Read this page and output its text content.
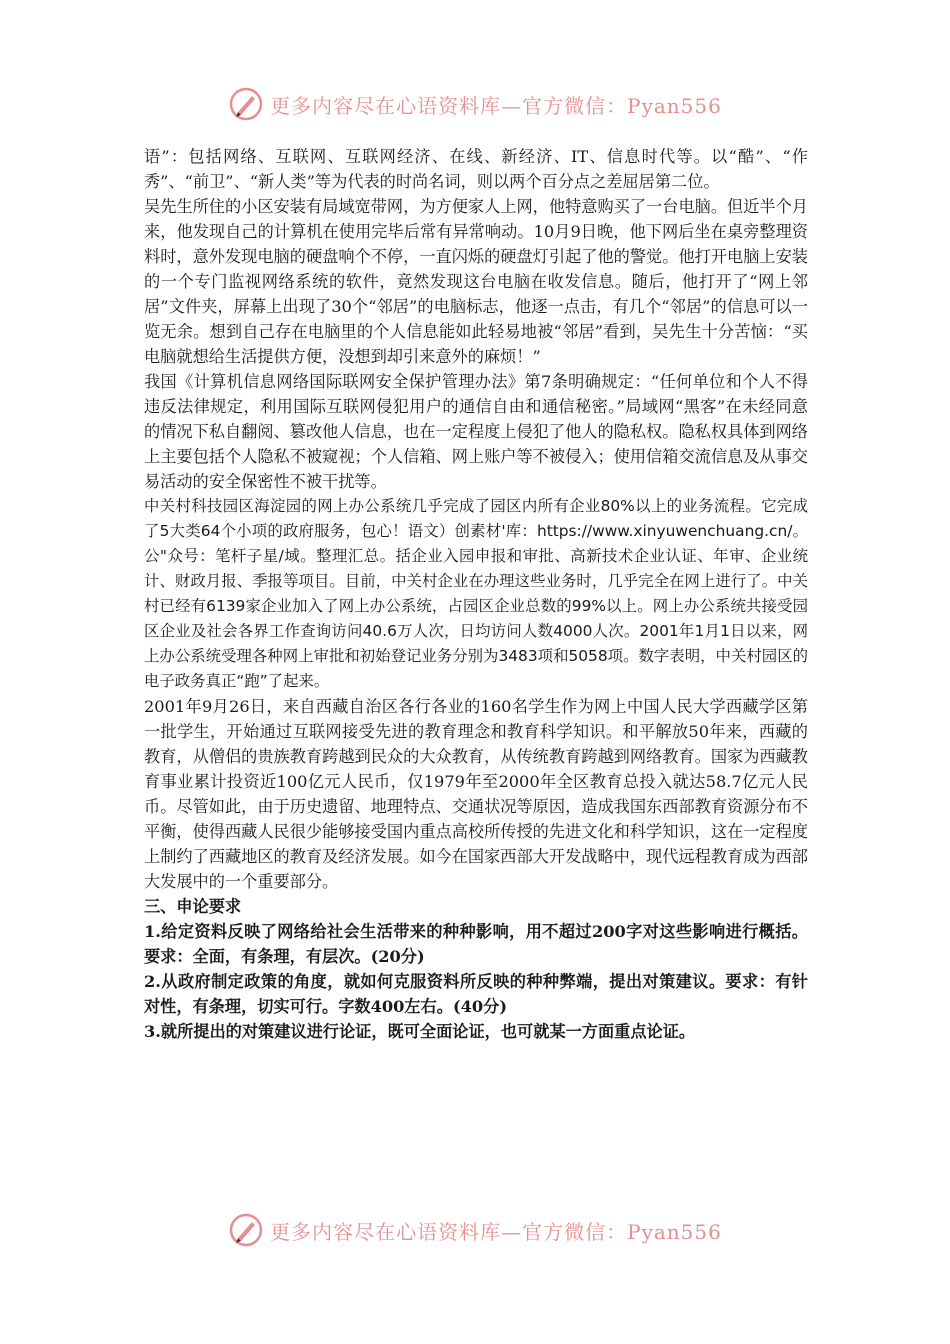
更多内容尽在心语资料库—官方微信：Pyan556

语”：包括网络、互联网、互联网经济、在线、新经济、IT、信息时代等。以“酷”、“作秀”、“前卫”、“新人类”等为代表的时尚名词，则以两个百分点之差屈居第二位。

吴先生所住的小区安装有局域宽带网，为方便家人上网，他特意购买了一台电脑。但近半个月来，他发现自己的计算机在使用完毕后常有异常响动。10月9日晚，他下网后坐在桌旁整理资料时，意外发现电脑的硬盘响个不停，一直闪烁的硬盘灯引起了他的警觉。他打开电脑上安装的一个专门监视网络系统的软件，竟然发现这台电脑在收发信息。随后，他打开了“网上邻居”文件夹，屏幕上出现了30个“邻居”的电脑标志，他逐一点击，有几个“邻居”的信息可以一览无余。想到自己存在电脑里的个人信息能如此轻易地被“邻居”看到，吴先生十分苦恼：“买电脑就想给生活提供方便，没想到却引来意外的麻烦！”

我国《计算机信息网络国际联网安全保护管理办法》第7条明确规定：“任何单位和个人不得违反法律规定，利用国际互联网侵犯用户的通信自由和通信秘密。”局域网“黑客”在未经同意的情况下私自翻阅、篡改他人信息，也在一定程度上侵犯了他人的隐私权。隐私权具体到网络上主要包括个人隐私不被窥视；个人信箱、网上账户等不被侵入；使用信箱交流信息及从事交易活动的安全保密性不被干扰等。

中关村科技园区海淀园的网上办公系统几乎完成了园区内所有企业80%以上的业务流程。它完成了5大类64个小项的政府服务，包心！语文）创素材'库：https://www.xinyuwenchuang.cn/。公"众号：笔杆子星/域。整理汇总。括企业入园申报和审批、高新技术企业认证、年审、企业统计、财政月报、季报等项目。目前，中关村企业在办理这些业务时，几乎完全在网上进行了。中关村已经有6139家企业加入了网上办公系统，占园区企业总数的99%以上。网上办公系统共接受园区企业及社会各界工作查询访问40.6万人次，日均访问人数4000人次。2001年1月1日以来，网上办公系统受理各种网上审批和初始登记业务分别为3483项和5058项。数字表明，中关村园区的电子政务真正“跑”了起来。

2001年9月26日，来自西藏自治区各行各业的160名学生作为网上中国人民大学西藏学区第一批学生，开始通过互联网接受先进的教育理念和教育科学知识。和平解放50年来，西藏的教育，从僧侣的贵族教育跨越到民众的大众教育，从传统教育跨越到网络教育。国家为西藏教育事业累计投资近100亿元人民币，仅1979年至2000年全区教育总投入就达58.7亿元人民币。尽管如此，由于历史遗留、地理特点、交通状况等原因，造成我国东西部教育资源分布不平衡，使得西藏人民很少能够接受国内重点高校所传授的先进文化和科学知识，这在一定程度上制约了西藏地区的教育及经济发展。如今在国家西部大开发战略中，现代远程教育成为西部大发展中的一个重要部分。

三、申论要求

1.给定资料反映了网络给社会生活带来的种种影响，用不超过200字对这些影响进行概括。要求：全面，有条理，有层次。(20分)

2.从政府制定政策的角度，就如何克服资料所反映的种种弊端，提出对策建议。要求：有针对性，有条理，切实可行。字数400左右。(40分)

3.就所提出的对策建议进行论证，既可全面论证，也可就某一方面重点论证。

更多内容尽在心语资料库—官方微信：Pyan556
